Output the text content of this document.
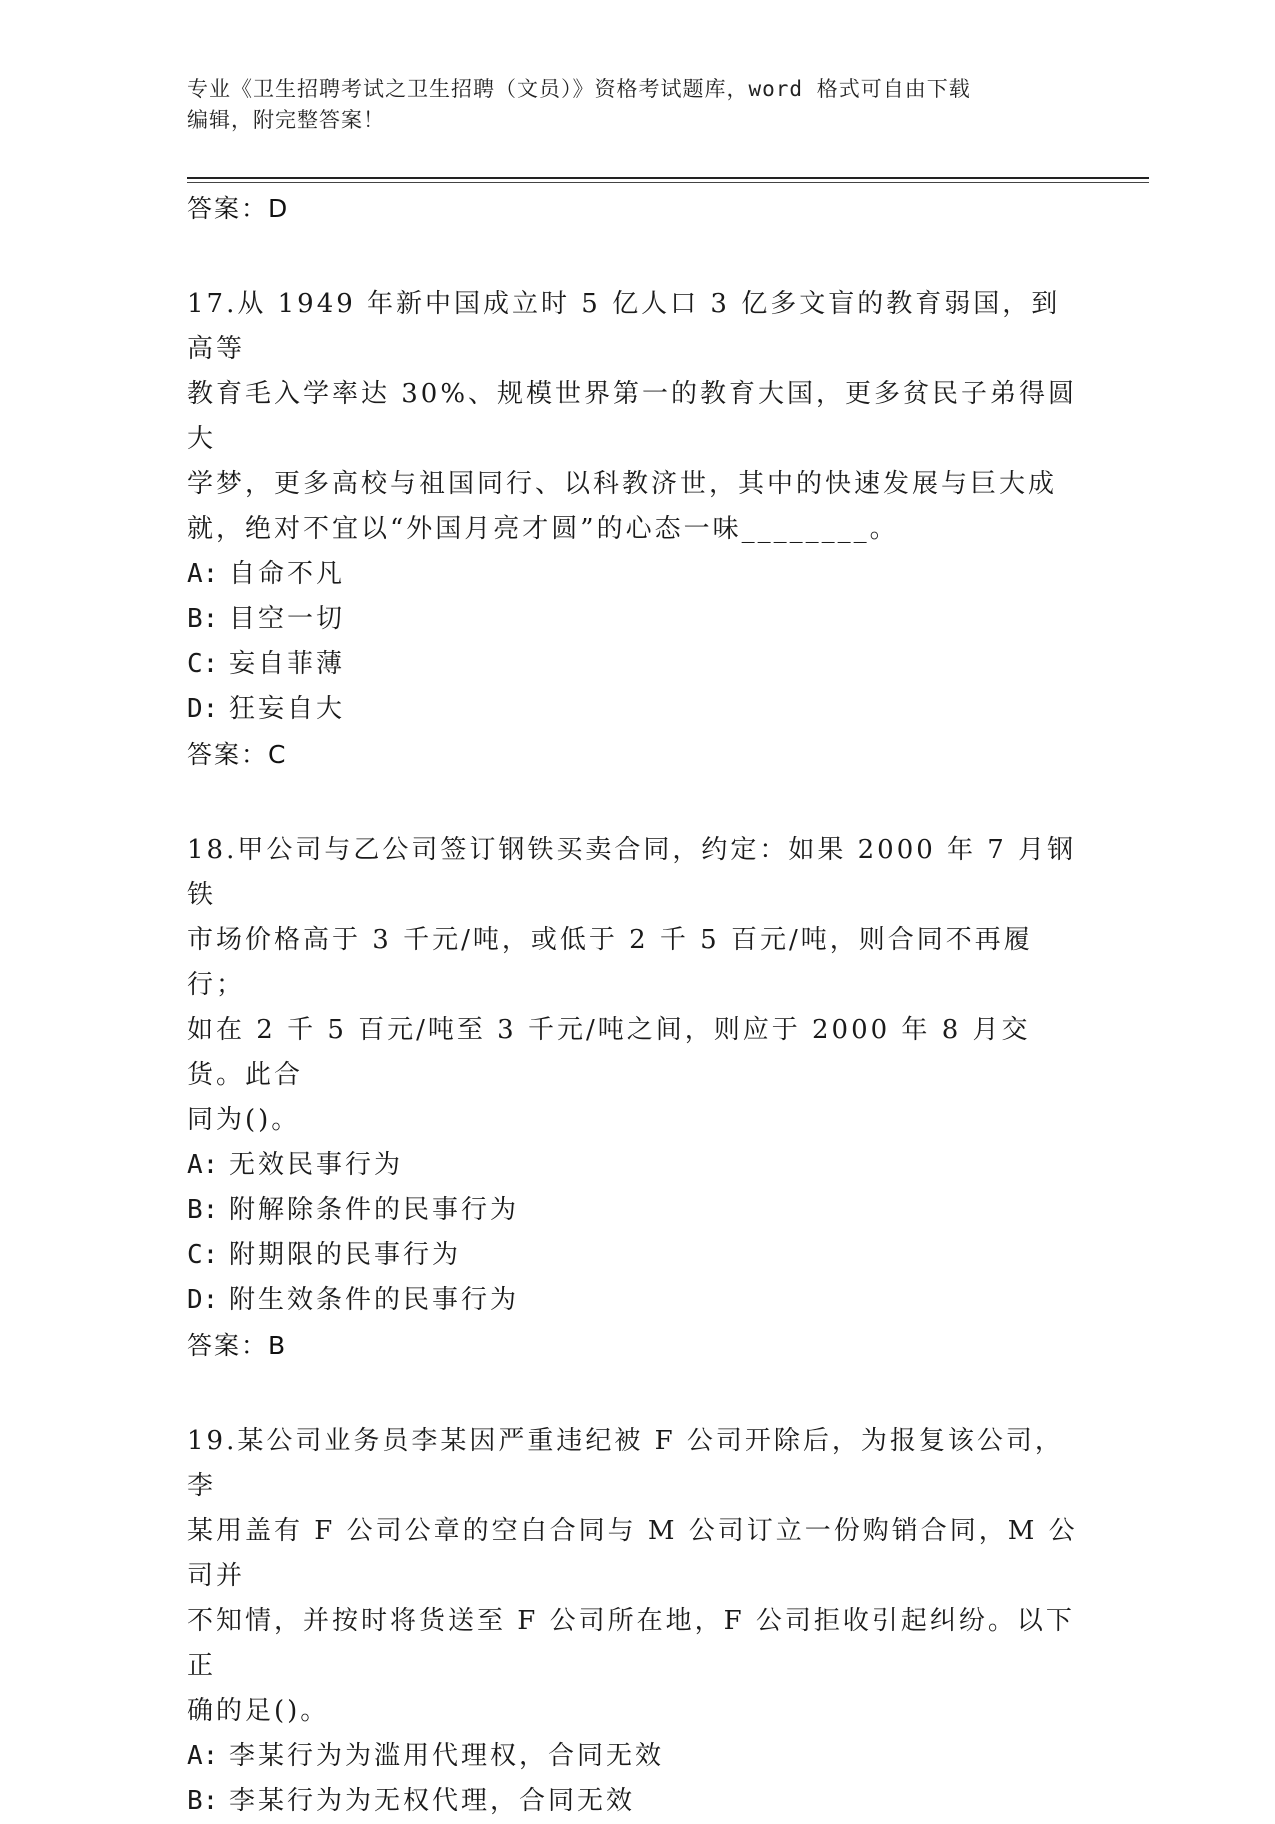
专业《卫生招聘考试之卫生招聘（文员）》资格考试题库，word 格式可自由下载
编辑，附完整答案！

答案：D

17.从 1949 年新中国成立时 5 亿人口 3 亿多文盲的教育弱国，到高等

教育毛入学率达 30%、规模世界第一的教育大国，更多贫民子弟得圆大

学梦，更多高校与祖国同行、以科教济世，其中的快速发展与巨大成

就，绝对不宜以“外国月亮才圆”的心态一味________。

A: 自命不凡

B: 目空一切

C: 妄自菲薄

D: 狂妄自大

答案：C

18.甲公司与乙公司签订钢铁买卖合同，约定：如果 2000 年 7 月钢铁

市场价格高于 3 千元/吨，或低于 2 千 5 百元/吨，则合同不再履行；

如在 2 千 5 百元/吨至 3 千元/吨之间，则应于 2000 年 8 月交货。此合

同为()。

A: 无效民事行为

B: 附解除条件的民事行为

C: 附期限的民事行为

D: 附生效条件的民事行为

答案：B

19.某公司业务员李某因严重违纪被 F 公司开除后，为报复该公司，李

某用盖有 F 公司公章的空白合同与 M 公司订立一份购销合同，M 公司并

不知情，并按时将货送至 F 公司所在地，F 公司拒收引起纠纷。以下正

确的足()。

A: 李某行为为滥用代理权，合同无效

B: 李某行为为无权代理，合同无效
